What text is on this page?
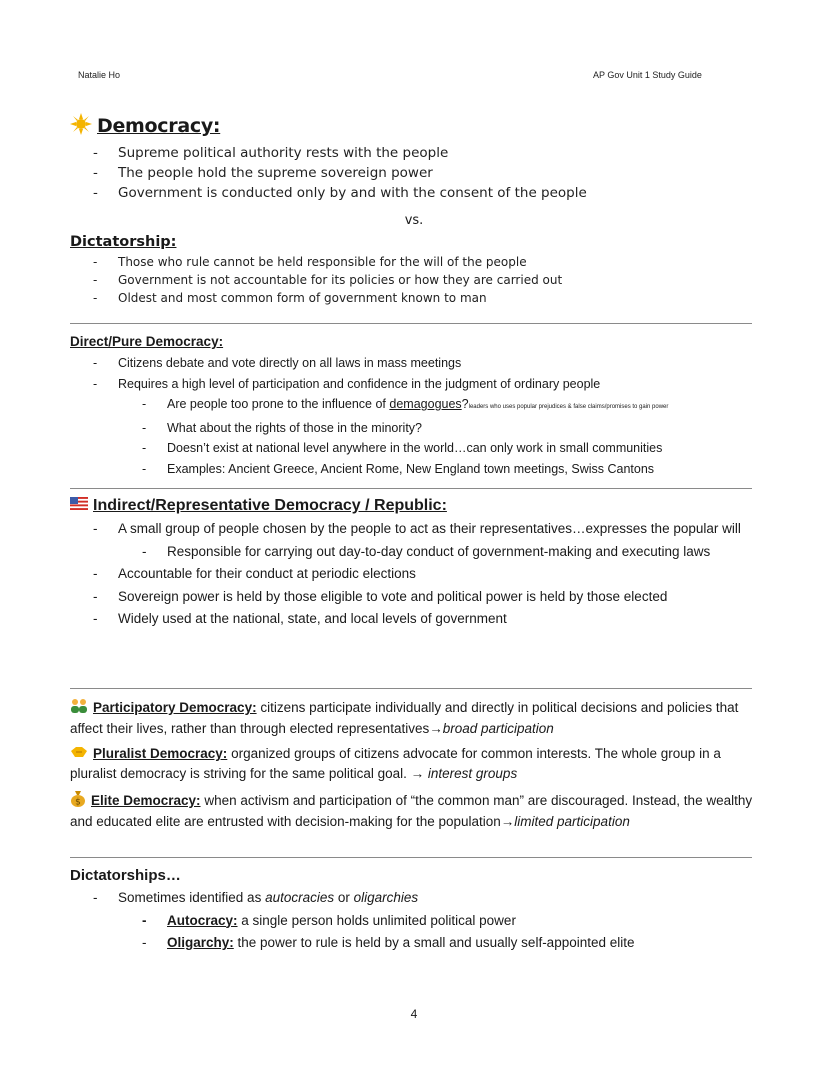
Natalie Ho	AP Gov Unit 1 Study Guide
Democracy:
- Supreme political authority rests with the people
- The people hold the supreme sovereign power
- Government is conducted only by and with the consent of the people
vs.
Dictatorship:
- Those who rule cannot be held responsible for the will of the people
- Government is not accountable for its policies or how they are carried out
- Oldest and most common form of government known to man
Direct/Pure Democracy:
- Citizens debate and vote directly on all laws in mass meetings
- Requires a high level of participation and confidence in the judgment of ordinary people
- Are people too prone to the influence of demagogues?leaders who uses popular prejudices & false claims/promises to gain power
- What about the rights of those in the minority?
- Doesn’t exist at national level anywhere in the world…can only work in small communities
- Examples: Ancient Greece, Ancient Rome, New England town meetings, Swiss Cantons
Indirect/Representative Democracy / Republic:
- A small group of people chosen by the people to act as their representatives…expresses the popular will
- Responsible for carrying out day-to-day conduct of government-making and executing laws
- Accountable for their conduct at periodic elections
- Sovereign power is held by those eligible to vote and political power is held by those elected
- Widely used at the national, state, and local levels of government
Participatory Democracy: citizens participate individually and directly in political decisions and policies that affect their lives, rather than through elected representatives→broad participation
Pluralist Democracy: organized groups of citizens advocate for common interests. The whole group in a pluralist democracy is striving for the same political goal. → interest groups
$ Elite Democracy: when activism and participation of “the common man” are discouraged. Instead, the wealthy and educated elite are entrusted with decision-making for the population→limited participation
Dictatorships…
- Sometimes identified as autocracies or oligarchies
- Autocracy: a single person holds unlimited political power
- Oligarchy: the power to rule is held by a small and usually self-appointed elite
4
